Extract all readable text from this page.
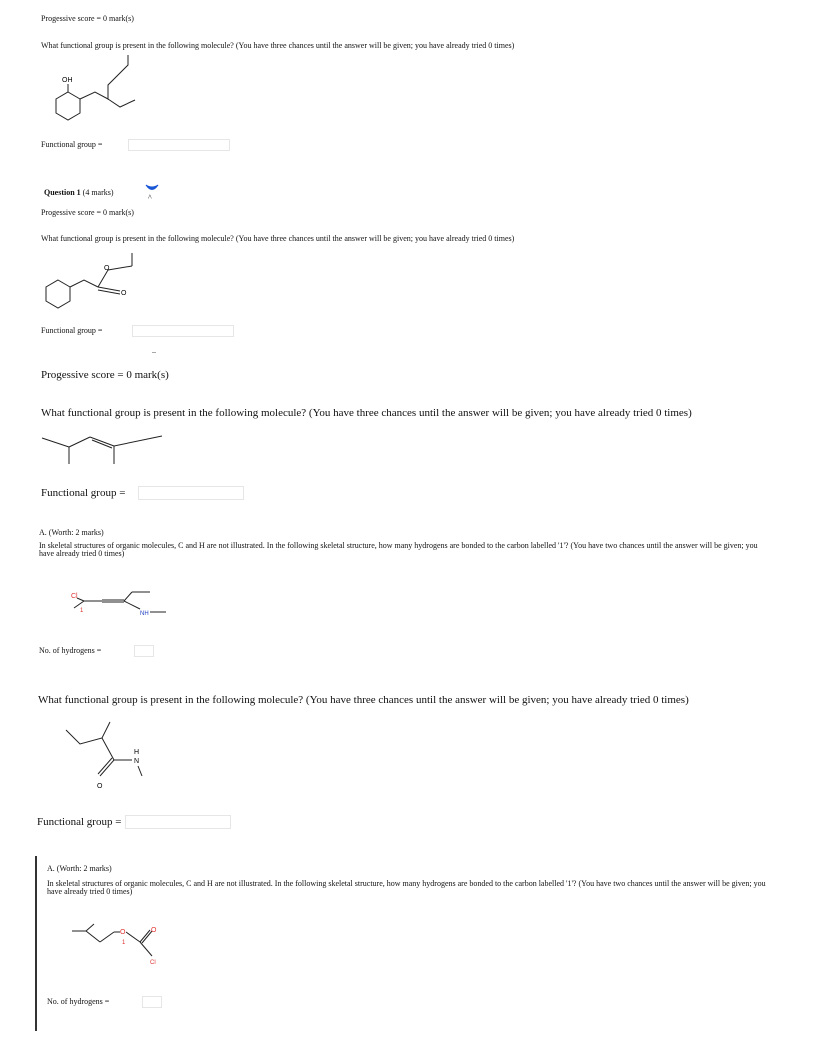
Progessive score = 0 mark(s)
What functional group is present in the following molecule? (You have three chances until the answer will be given; you have already tried 0 times)
OH
Functional group =
Question 1 (4 marks)
^
Progessive score = 0 mark(s)
What functional group is present in the following molecule? (You have three chances until the answer will be given; you have already tried 0 times)
O
O
Functional group =
..
Progessive score = 0 mark(s)
What functional group is present in the following molecule? (You have three chances until the answer will be given; you have already tried 0 times)
Functional group =
A. (Worth: 2 marks)
In skeletal structures of organic molecules, C and H are not illustrated. In the following skeletal structure, how many hydrogens are bonded to the carbon labelled '1'? (You have two chances until the answer will be given; you have already tried 0 times)
Cl
NH
1
No. of hydrogens =
What functional group is present in the following molecule? (You have three chances until the answer will be given; you have already tried 0 times)
O
N
H
Functional group =
A. (Worth: 2 marks)
In skeletal structures of organic molecules, C and H are not illustrated. In the following skeletal structure, how many hydrogens are bonded to the carbon labelled '1'? (You have two chances until the answer will be given; you have already tried 0 times)
O	O
Cl
1
No. of hydrogens =
